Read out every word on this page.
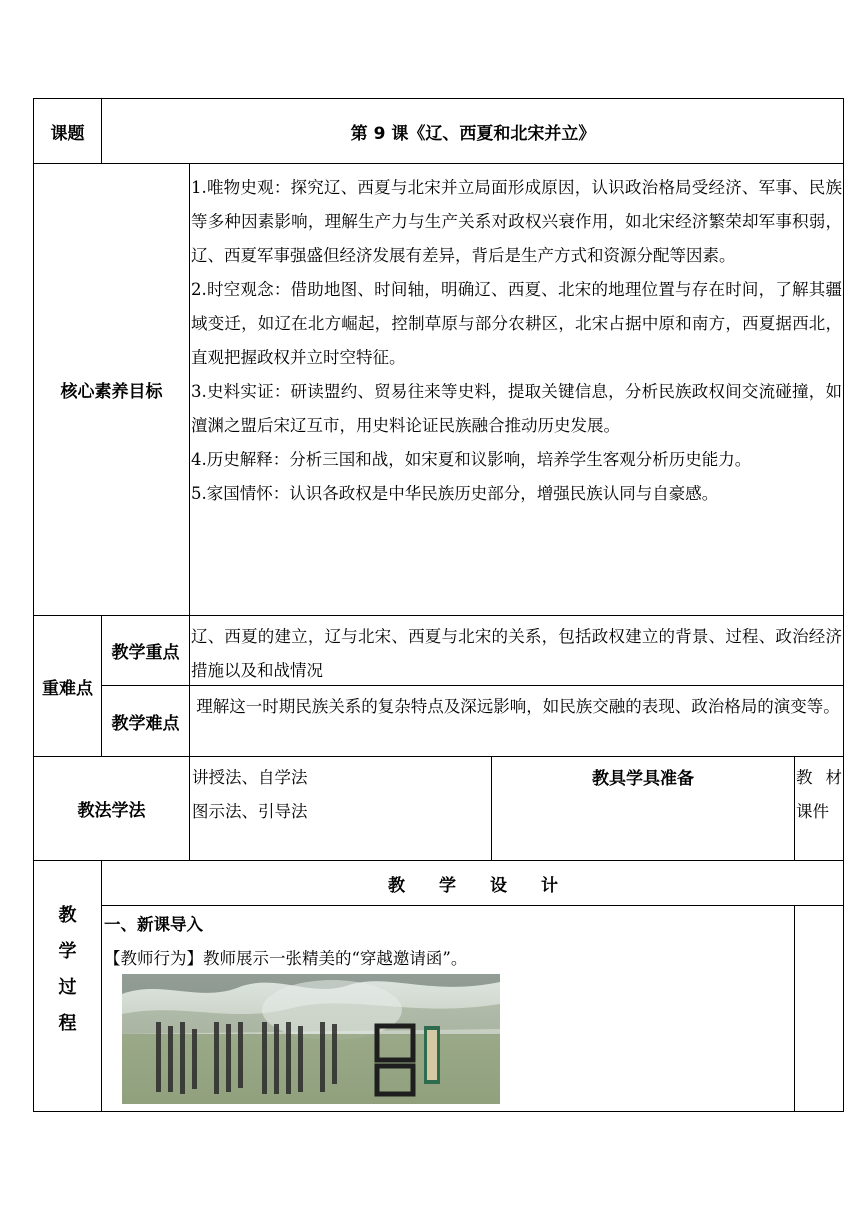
课题	第 9 课《辽、西夏和北宋并立》
核心素养目标

1.唯物史观：探究辽、西夏与北宋并立局面形成原因，认识政治格局受经济、军事、民族等多种因素影响，理解生产力与生产关系对政权兴衰作用，如北宋经济繁荣却军事积弱，辽、西夏军事强盛但经济发展有差异，背后是生产方式和资源分配等因素。

2.时空观念：借助地图、时间轴，明确辽、西夏、北宋的地理位置与存在时间，了解其疆域变迁，如辽在北方崛起，控制草原与部分农耕区，北宋占据中原和南方，西夏据西北，直观把握政权并立时空特征。

3.史料实证：研读盟约、贸易往来等史料，提取关键信息，分析民族政权间交流碰撞，如澶渊之盟后宋辽互市，用史料论证民族融合推动历史发展。

4.历史解释：分析三国和战，如宋夏和议影响，培养学生客观分析历史能力。

5.家国情怀：认识各政权是中华民族历史部分，增强民族认同与自豪感。

重难点
教学重点

辽、西夏的建立，辽与北宋、西夏与北宋的关系，包括政权建立的背景、过程、政治经济措施以及和战情况

教学难点

理解这一时期民族关系的复杂特点及深远影响，如民族交融的表现、政治格局的演变等。

教法学法

讲授法、自学法

图示法、引导法

教具学具准备	教材课件

教
学
过
程
教　　学　　设　　计

一、新课导入

【教师行为】教师展示一张精美的“穿越邀请函”。
